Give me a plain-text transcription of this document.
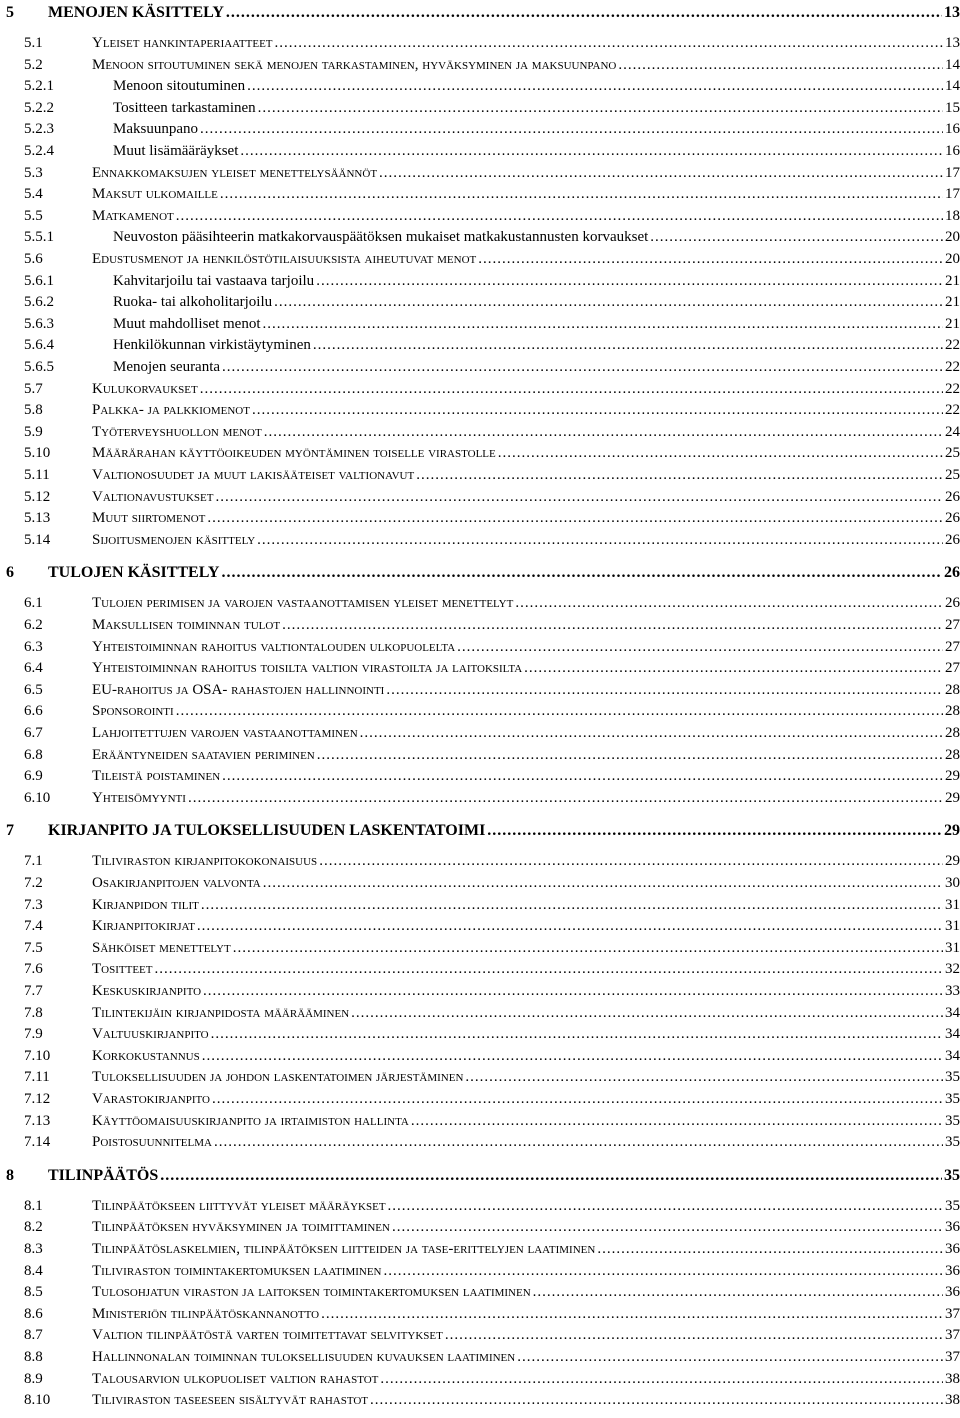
5 MENOJEN KÄSITTELY .....	13
5.1	Yleiset hankintaperiaatteet .....	13
5.2	Menoon sitoutuminen sekä menojen tarkastaminen, hyväksyminen ja maksuunpano .....	14
5.2.1	Menoon sitoutuminen .....	14
5.2.2	Tositteen tarkastaminen .....	15
5.2.3	Maksuunpano .....	16
5.2.4	Muut lisämääräykset .....	16
5.3	Ennakkomaksujen yleiset menettelysäännöt .....	17
5.4	Maksut ulkomaille .....	17
5.5	Matkamenot .....	18
5.5.1	Neuvoston pääsihteerin matkakorvauspäätöksen mukaiset matkakustannusten korvaukset .....	20
5.6	Edustusmenot ja henkilöstötilaisuuksista aiheutuvat menot .....	20
5.6.1	Kahvitarjoilu tai vastaava tarjoilu .....	21
5.6.2	Ruoka- tai alkoholitarjoilu .....	21
5.6.3	Muut mahdolliset menot .....	21
5.6.4	Henkilökunnan virkistäytyminen .....	22
5.6.5	Menojen seuranta .....	22
5.7	Kulukorvaukset .....	22
5.8	Palkka- ja palkkiomenot .....	22
5.9	Työterveyshuollon menot .....	24
5.10	Määrärahan käyttöoikeuden myöntäminen toiselle virastolle .....	25
5.11	Valtionosuudet ja muut lakisääteiset valtionavut .....	25
5.12	Valtionavustukset .....	26
5.13	Muut siirtomenot .....	26
5.14	Sijoitusmenojen käsittely .....	26
6 TULOJEN KÄSITTELY .....	26
6.1	Tulojen perimisen ja varojen vastaanottamisen yleiset menettelyt .....	26
6.2	Maksullisen toiminnan tulot .....	27
6.3	Yhteistoiminnan rahoitus valtiontalouden ulkopuolelta .....	27
6.4	Yhteistoiminnan rahoitus toisilta valtion virastoilta ja laitoksilta .....	27
6.5	EU-rahoitus ja OSA- rahastojen hallinnointi .....	28
6.6	Sponsorointi .....	28
6.7	Lahjoitettujen varojen vastaanottaminen .....	28
6.8	Erääntyneiden saatavien periminen .....	28
6.9	Tileistä poistaminen .....	29
6.10	Yhteisömyynti .....	29
7 KIRJANPITO JA TULOKSELLISUUDEN LASKENTATOIMI .....	29
7.1	Tiliviraston kirjanpitokokonaisuus .....	29
7.2	Osakirjanpitojen valvonta .....	30
7.3	Kirjanpidon tilit .....	31
7.4	Kirjanpitokirjat .....	31
7.5	Sähköiset menettelyt .....	31
7.6	Tositteet .....	32
7.7	Keskuskirjanpito .....	33
7.8	Tilintekijäin kirjanpidosta määrääminen .....	34
7.9	Valtuuskirjanpito .....	34
7.10	Korkokustannus .....	34
7.11	Tuloksellisuuden ja johdon laskentatoimen järjestäminen .....	35
7.12	Varastokirjanpito .....	35
7.13	Käyttöomaisuuskirjanpito ja irtaimiston hallinta .....	35
7.14	Poistosuunnitelma .....	35
8 TILINPÄÄTÖS .....	35
8.1	Tilinpäätökseen liittyvät yleiset määräykset .....	35
8.2	Tilinpäätöksen hyväksyminen ja toimittaminen .....	36
8.3	Tilinpäätöslaskelmien, tilinpäätöksen liitteiden ja tase-erittelyjen laatiminen .....	36
8.4	Tiliviraston toimintakertomuksen laatiminen .....	36
8.5	Tulosohjatun viraston ja laitoksen toimintakertomuksen laatiminen .....	36
8.6	Ministeriön tilinpäätöskannanotto .....	37
8.7	Valtion tilinpäätöstä varten toimitettavat selvitykset .....	37
8.8	Hallinnonalan toiminnan tuloksellisuuden kuvauksen laatiminen .....	37
8.9	Talousarvion ulkopuoliset valtion rahastot .....	38
8.10	Tiliviraston taseeseen sisältyvät rahastot .....	38
